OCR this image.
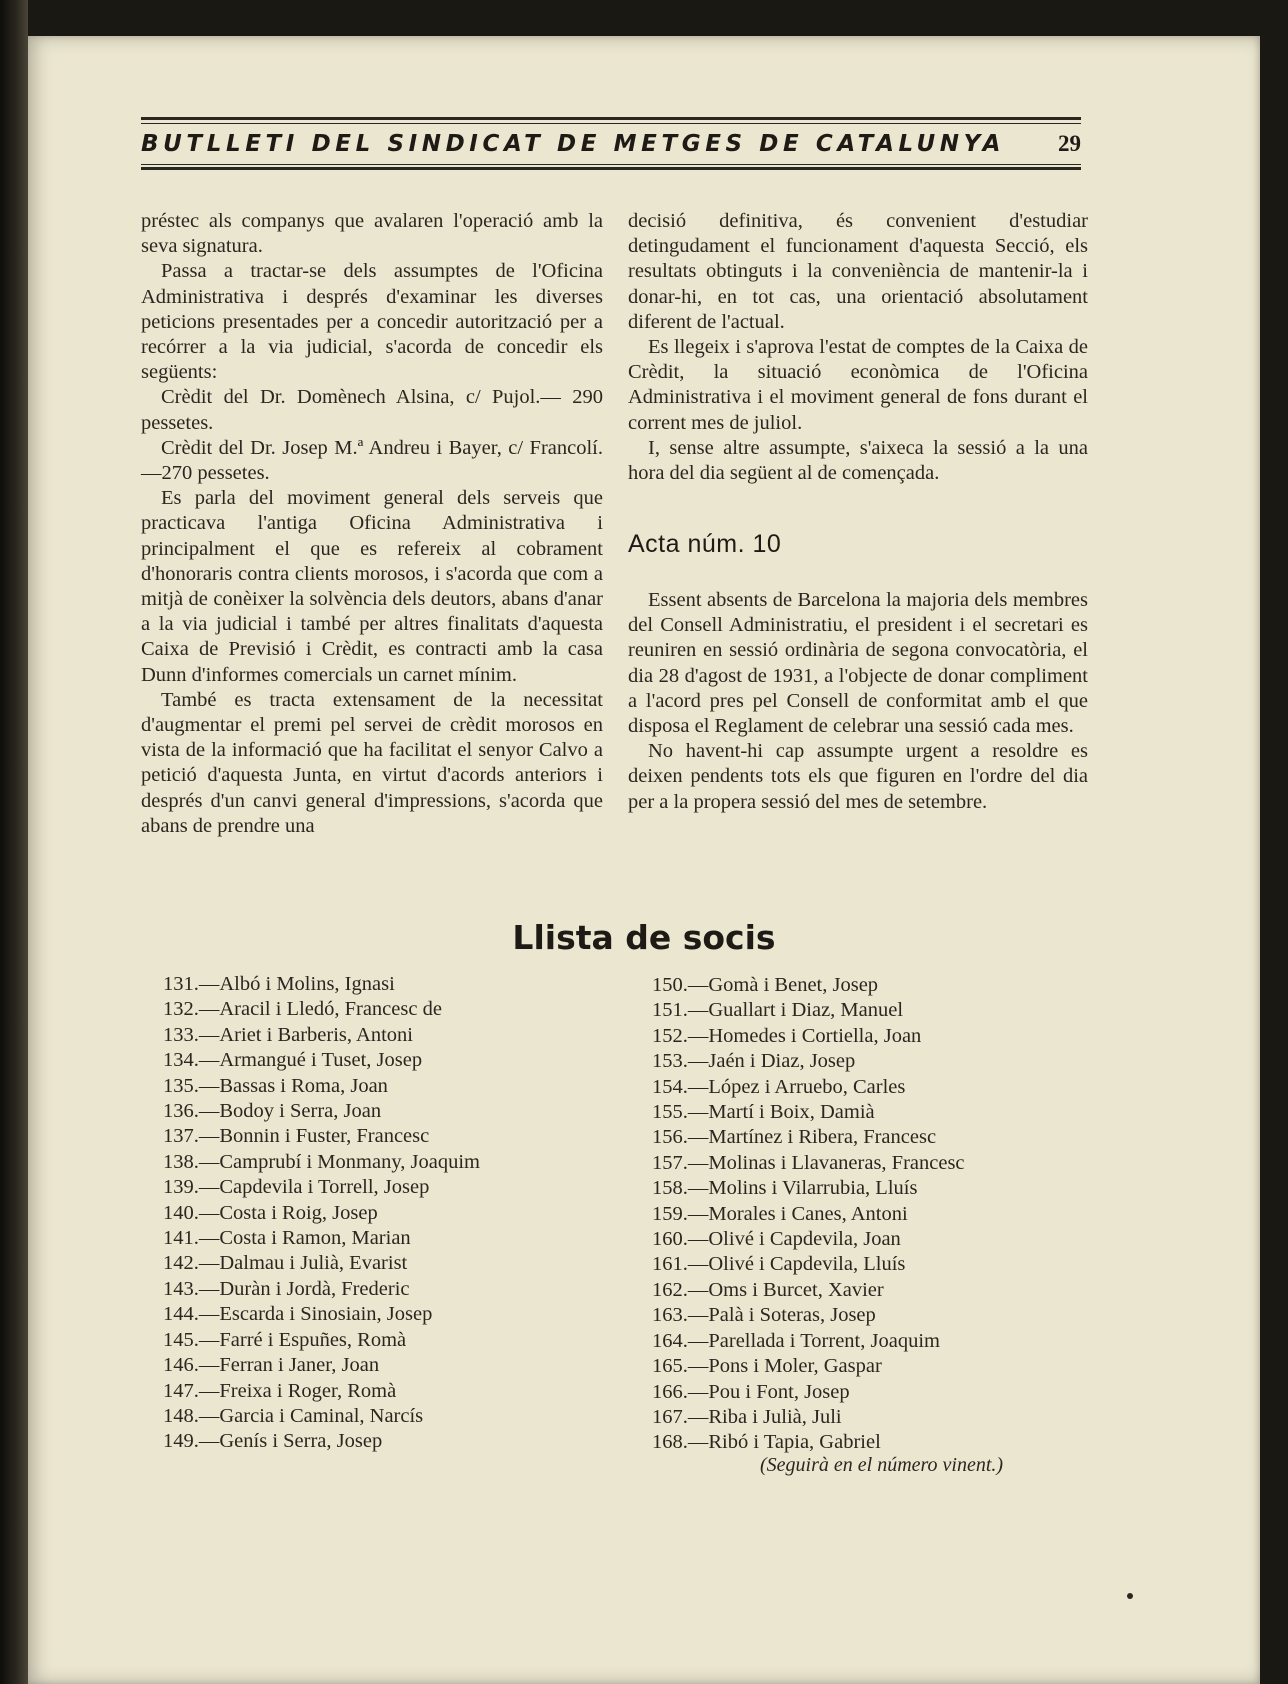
BUTLLETI DEL SINDICAT DE METGES DE CATALUNYA	29

préstec als companys que avalaren l'operació amb la seva signatura.

Passa a tractar-se dels assumptes de l'Oficina Administrativa i després d'examinar les diverses peticions presentades per a concedir autorització per a recórrer a la via judicial, s'acorda de concedir els següents:

Crèdit del Dr. Domènech Alsina, c/ Pujol.— 290 pessetes.

Crèdit del Dr. Josep M.ª Andreu i Bayer, c/ Francolí.—270 pessetes.

Es parla del moviment general dels serveis que practicava l'antiga Oficina Administrativa i principalment el que es refereix al cobrament d'honoraris contra clients morosos, i s'acorda que com a mitjà de conèixer la solvència dels deutors, abans d'anar a la via judicial i també per altres finalitats d'aquesta Caixa de Previsió i Crèdit, es contracti amb la casa Dunn d'informes comercials un carnet mínim.

També es tracta extensament de la necessitat d'augmentar el premi pel servei de crèdit morosos en vista de la informació que ha facilitat el senyor Calvo a petició d'aquesta Junta, en virtut d'acords anteriors i després d'un canvi general d'impressions, s'acorda que abans de prendre una

decisió definitiva, és convenient d'estudiar detingudament el funcionament d'aquesta Secció, els resultats obtinguts i la conveniència de mantenir-la i donar-hi, en tot cas, una orientació absolutament diferent de l'actual.

Es llegeix i s'aprova l'estat de comptes de la Caixa de Crèdit, la situació econòmica de l'Oficina Administrativa i el moviment general de fons durant el corrent mes de juliol.

I, sense altre assumpte, s'aixeca la sessió a la una hora del dia següent al de començada.

Acta núm. 10

Essent absents de Barcelona la majoria dels membres del Consell Administratiu, el president i el secretari es reuniren en sessió ordinària de segona convocatòria, el dia 28 d'agost de 1931, a l'objecte de donar compliment a l'acord pres pel Consell de conformitat amb el que disposa el Reglament de celebrar una sessió cada mes.

No havent-hi cap assumpte urgent a resoldre es deixen pendents tots els que figuren en l'ordre del dia per a la propera sessió del mes de setembre.

Llista de socis
131.—Albó i Molins, Ignasi
132.—Aracil i Lledó, Francesc de
133.—Ariet i Barberis, Antoni
134.—Armangué i Tuset, Josep
135.—Bassas i Roma, Joan
136.—Bodoy i Serra, Joan
137.—Bonnin i Fuster, Francesc
138.—Camprubí i Monmany, Joaquim
139.—Capdevila i Torrell, Josep
140.—Costa i Roig, Josep
141.—Costa i Ramon, Marian
142.—Dalmau i Julià, Evarist
143.—Duràn i Jordà, Frederic
144.—Escarda i Sinosiain, Josep
145.—Farré i Espuñes, Romà
146.—Ferran i Janer, Joan
147.—Freixa i Roger, Romà
148.—Garcia i Caminal, Narcís
149.—Genís i Serra, Josep
150.—Gomà i Benet, Josep
151.—Guallart i Diaz, Manuel
152.—Homedes i Cortiella, Joan
153.—Jaén i Diaz, Josep
154.—López i Arruebo, Carles
155.—Martí i Boix, Damià
156.—Martínez i Ribera, Francesc
157.—Molinas i Llavaneras, Francesc
158.—Molins i Vilarrubia, Lluís
159.—Morales i Canes, Antoni
160.—Olivé i Capdevila, Joan
161.—Olivé i Capdevila, Lluís
162.—Oms i Burcet, Xavier
163.—Palà i Soteras, Josep
164.—Parellada i Torrent, Joaquim
165.—Pons i Moler, Gaspar
166.—Pou i Font, Josep
167.—Riba i Julià, Juli
168.—Ribó i Tapia, Gabriel
(Seguirà en el número vinent.)
